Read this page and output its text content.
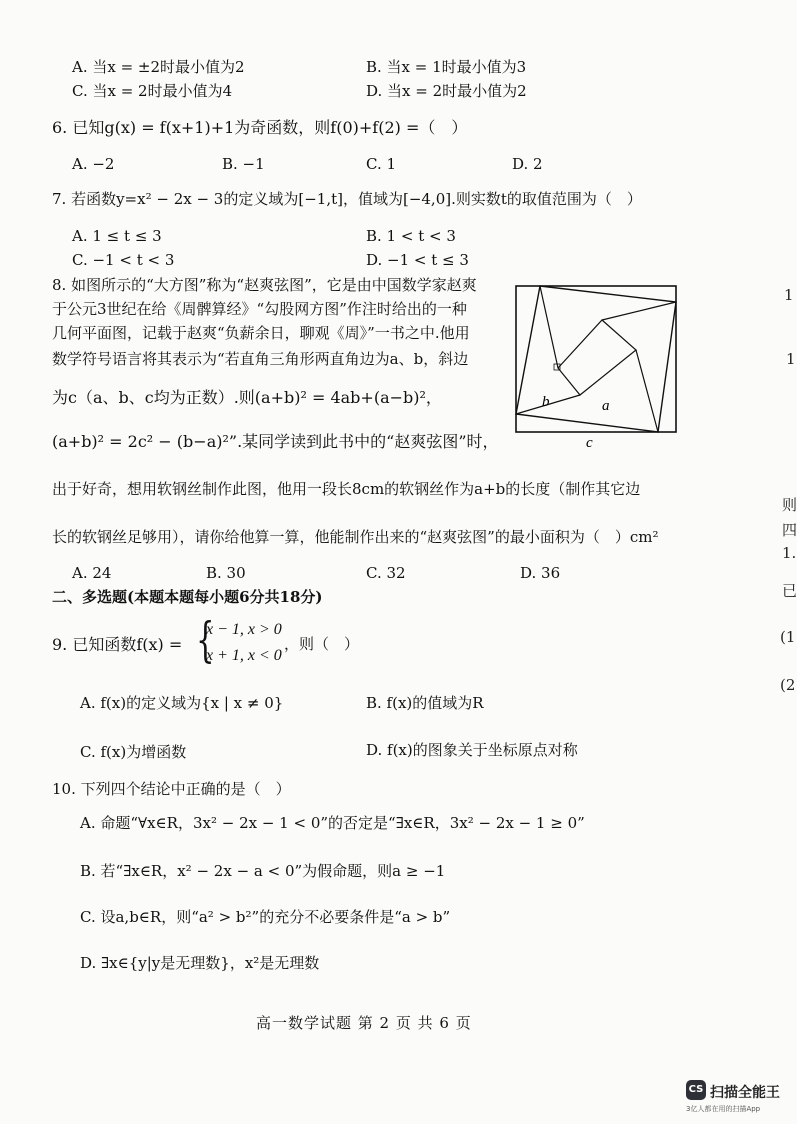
A. 当x = ±2时最小值为2	B. 当x = 1时最小值为3
C. 当x = 2时最小值为4	D. 当x = 2时最小值为2
6. 已知g(x) = f(x+1)+1为奇函数，则f(0)+f(2) =（　）
A. −2	B. −1	C. 1	D. 2
7. 若函数y=x² − 2x − 3的定义域为[−1,t]，值域为[−4,0].则实数t的取值范围为（　）
A. 1 ≤ t ≤ 3	B. 1 < t < 3
C. −1 < t < 3	D. −1 < t ≤ 3
8. 如图所示的“大方图”称为“赵爽弦图”，它是由中国数学家赵爽
于公元3世纪在给《周髀算经》“勾股网方图”作注时给出的一种
几何平面图，记载于赵爽“负薪余日，聊观《周》”一书之中.他用
数学符号语言将其表示为“若直角三角形两直角边为a、b，斜边
为c（a、b、c均为正数）.则(a+b)² = 4ab+(a−b)²，
(a+b)² = 2c² − (b−a)²”.某同学读到此书中的“赵爽弦图”时，
出于好奇，想用软钢丝制作此图，他用一段长8cm的软钢丝作为a+b的长度（制作其它边
长的软钢丝足够用），请你给他算一算，他能制作出来的“赵爽弦图”的最小面积为（　）cm²
b	a
c
A. 24	B. 30	C. 32	D. 36
二、多选题(本题本题每小题6分共18分)
9. 已知函数f(x) = {
x − 1, x > 0
x + 1, x < 0
，则（　）
A. f(x)的定义域为{x | x ≠ 0}	B. f(x)的值域为R
C. f(x)为增函数	D. f(x)的图象关于坐标原点对称
10. 下列四个结论中正确的是（　）
A. 命题“∀x∈R，3x² − 2x − 1 < 0”的否定是“∃x∈R，3x² − 2x − 1 ≥ 0”
B. 若“∃x∈R，x² − 2x − a < 0”为假命题，则a ≥ −1
C. 设a,b∈R，则“a² > b²”的充分不必要条件是“a > b”
D. ∃x∈{y|y是无理数}，x²是无理数
高一数学试题 第 2 页 共 6 页
1
1
则
四
1.
已
(1
(2
CS 扫描全能王
3亿人都在用的扫描App
